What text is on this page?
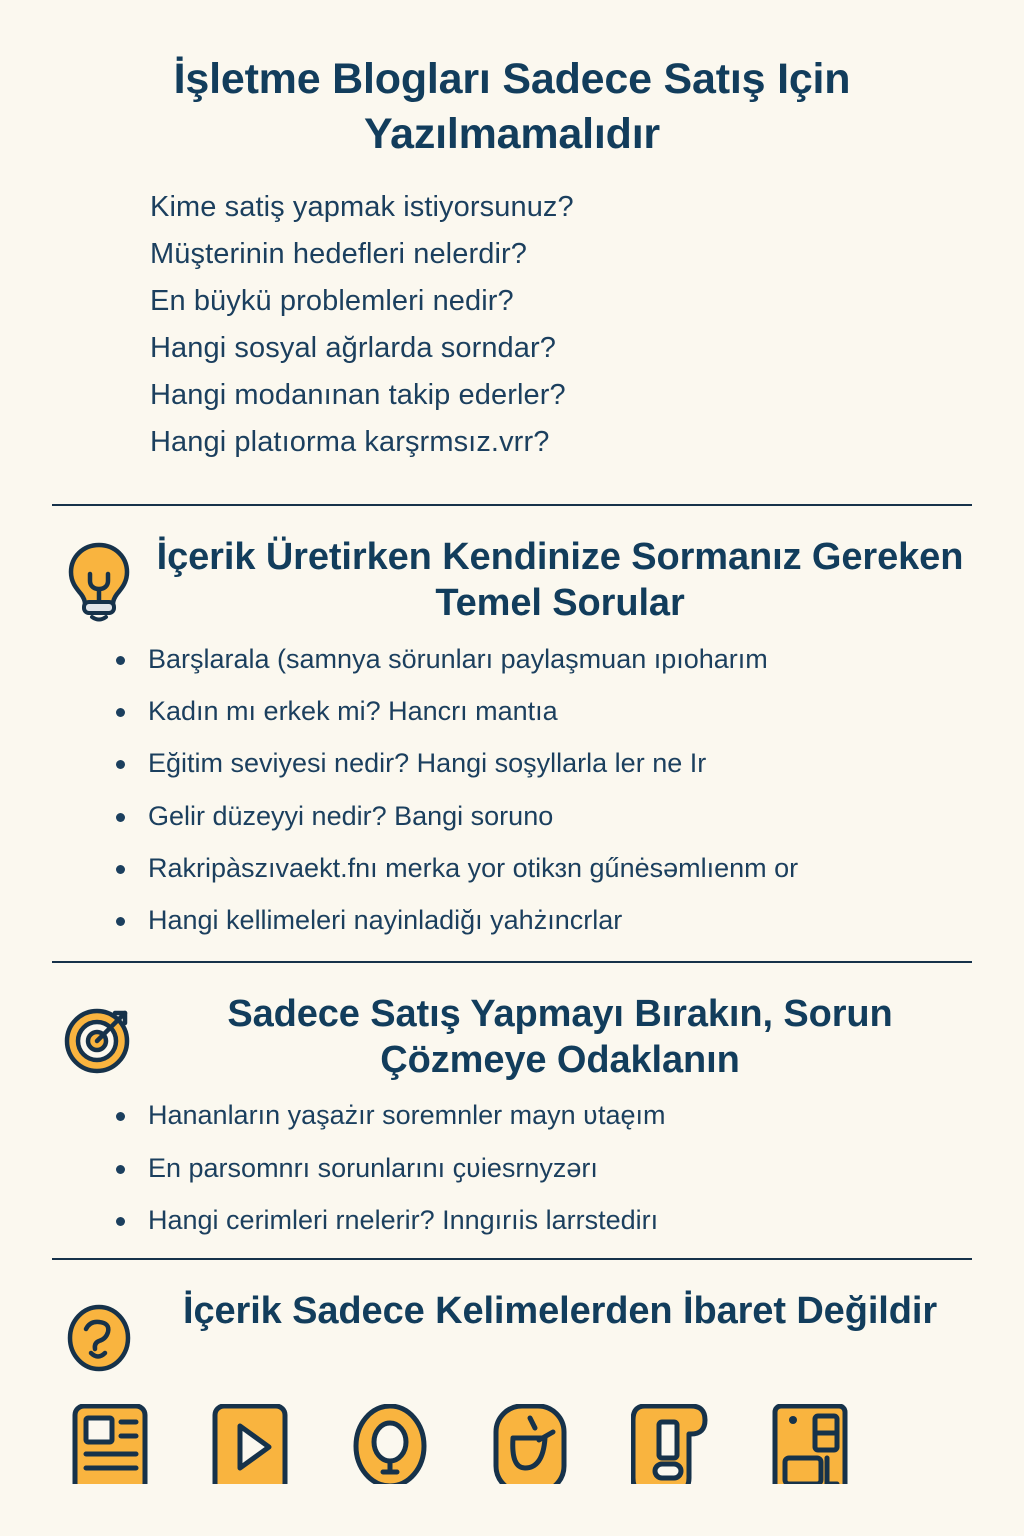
İşletme Blogları Sadece Satış Için Yazılmamalıdır
Kime satiş yapmak istiyorsunuz?
Müşterinin hedefleri nelerdir?
En büykü problemleri nedir?
Hangi sosyal ağrlarda sorndar?
Hangi modanınan takip ederler?
Hangi platıorma karşrmsız.vrr?
İçerik Üretirken Kendinize Sormanız Gereken Temel Sorular
Barşlarala (samnya sörunları paylaşmuan ıpıoharım
Kadın mı erkek mi? Hancrı mantıa
Eğitim seviyesi nedir? Hangi soşyllarla ler ne Ir
Gelir düzeyyi nedir? Bangi soruno
Rakripàszıvaekt.fnı merka yor otikɜn gűnėsəmlıenm or
Hangi kellimeleri nayinladiğı yahżıncrlar
Sadece Satış Yapmayı Bırakın, Sorun Çözmeye Odaklanın
Hananların yaşażır soremnler mayn ʋtaęım
En parsomnrı sorunlarını ҫʋiesrnyzərı
Hangi cerimleri rnelerir? Inngırıis larrstedirı
İçerik Sadece Kelimelerden İbaret Değildir
